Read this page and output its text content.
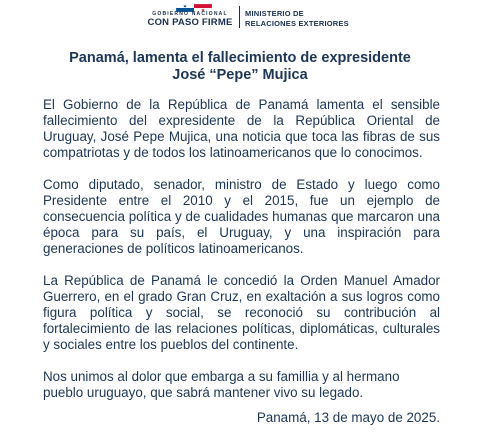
GOBIERNO NACIONAL
CON PASO FIRME
MINISTERIO DE
RELACIONES EXTERIORES
Panamá, lamenta el fallecimiento de expresidente
José “Pepe” Mujica

El Gobierno de la República de Panamá lamenta el sensible fallecimiento del expresidente de la República Oriental de Uruguay, José Pepe Mujica, una noticia que toca las fibras de sus compatriotas y de todos los latinoamericanos que lo conocimos.

Como diputado, senador, ministro de Estado y luego como Presidente entre el 2010 y el 2015, fue un ejemplo de consecuencia política y de cualidades humanas que marcaron una época para su país, el Uruguay, y una inspiración para generaciones de políticos latinoamericanos.

La República de Panamá le concedió la Orden Manuel Amador Guerrero, en el grado Gran Cruz, en exaltación a sus logros como figura política y social, se reconoció su contribución al fortalecimiento de las relaciones políticas, diplomáticas, culturales y sociales entre los pueblos del continente.

Nos unimos al dolor que embarga a su famillia y al hermano pueblo uruguayo, que sabrá mantener vivo su legado.

Panamá, 13 de mayo de 2025.
